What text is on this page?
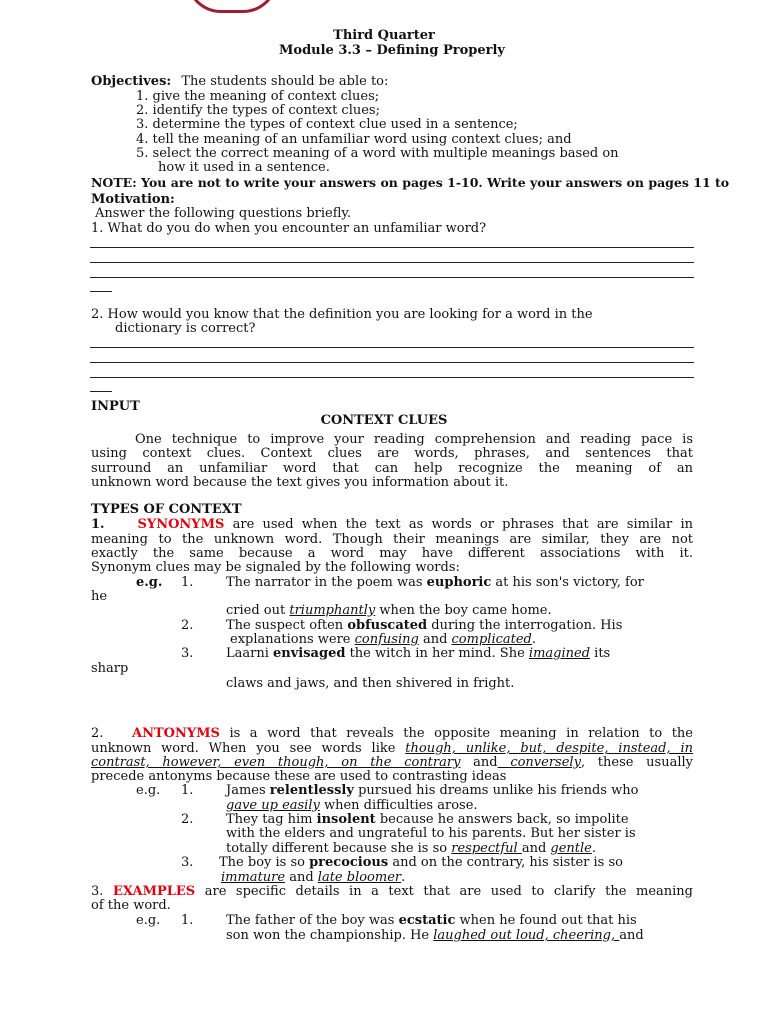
Third Quarter
Module 3.3 – Defining Properly
Objectives: The students should be able to:
1. give the meaning of context clues;
2. identify the types of context clues;
3. determine the types of context clue used in a sentence;
4. tell the meaning of an unfamiliar word using context clues; and
5. select the correct meaning of a word with multiple meanings based on
how it used in a sentence.
NOTE: You are not to write your answers on pages 1-10. Write your answers on pages 11 to
Motivation:
Answer the following questions briefly.
1. What do you do when you encounter an unfamiliar word?
2. How would you know that the definition you are looking for a word in the
dictionary is correct?
INPUT
CONTEXT CLUES
One technique to improve your reading comprehension and reading pace is
using context clues. Context clues are words, phrases, and sentences that
surround an unfamiliar word that can help recognize the meaning of an
unknown word because the text gives you information about it.
TYPES OF CONTEXT
1.	SYNONYMS are used when the text as words or phrases that are similar in
meaning to the unknown word. Though their meanings are similar, they are not
exactly the same because a word may have different associations with it.
Synonym clues may be signaled by the following words:
e.g. 1.	The narrator in the poem was euphoric at his son's victory, for
he
cried out triumphantly when the boy came home.
2.	The suspect often obfuscated during the interrogation. His
explanations were confusing and complicated.
3.	Laarni envisaged the witch in her mind. She imagined its
sharp
claws and jaws, and then shivered in fright.
2. ANTONYMS is a word that reveals the opposite meaning in relation to the
unknown word. When you see words like though, unlike, but, despite, instead, in
contrast, however, even though, on the contrary and conversely, these usually
precede antonyms because these are used to contrasting ideas
e.g. 1.	James relentlessly pursued his dreams unlike his friends who
gave up easily when difficulties arose.
2.	They tag him insolent because he answers back, so impolite
with the elders and ungrateful to his parents. But her sister is
totally different because she is so respectful and gentle.
3. The boy is so precocious and on the contrary, his sister is so
immature and late bloomer.
3. EXAMPLES are specific details in a text that are used to clarify the meaning
of the word.
e.g. 1.	The father of the boy was ecstatic when he found out that his
son won the championship. He laughed out loud, cheering, and
